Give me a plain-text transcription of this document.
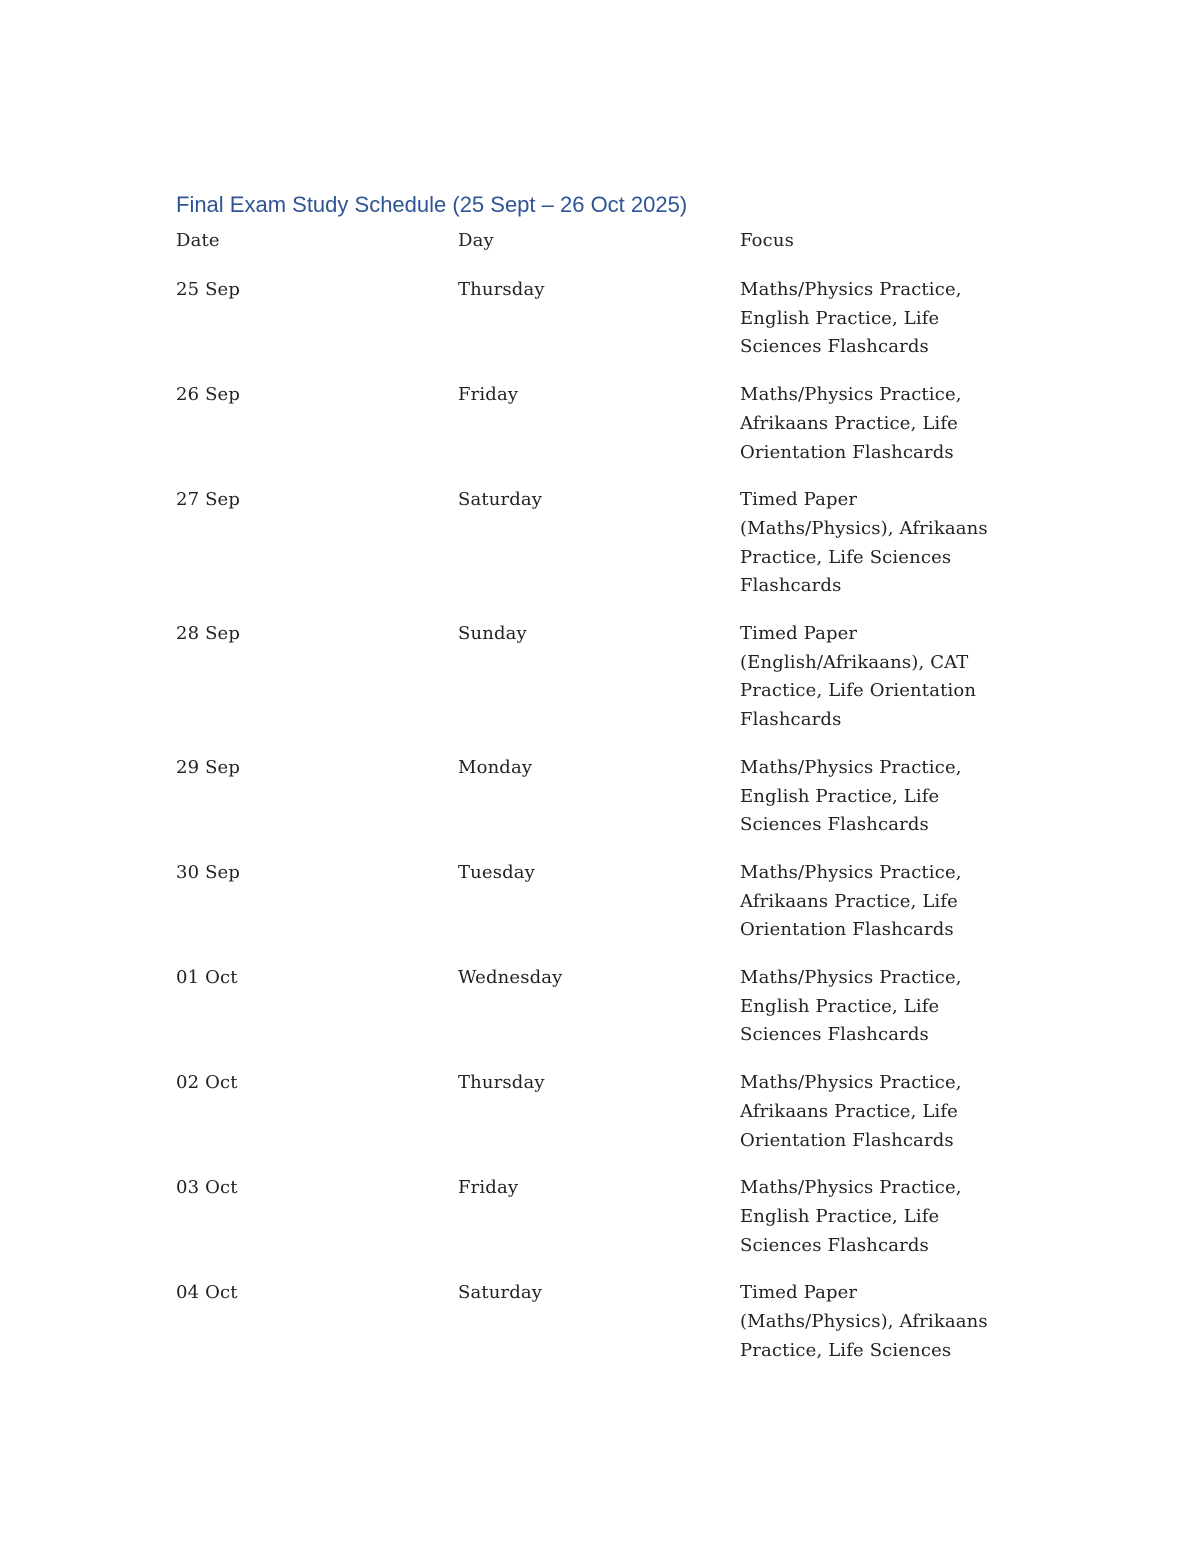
Final Exam Study Schedule (25 Sept – 26 Oct 2025)
Date	Day	Focus
25 Sep	Thursday	Maths/Physics Practice,
English Practice, Life
Sciences Flashcards
26 Sep	Friday	Maths/Physics Practice,
Afrikaans Practice, Life
Orientation Flashcards
27 Sep	Saturday	Timed Paper
(Maths/Physics), Afrikaans
Practice, Life Sciences
Flashcards
28 Sep	Sunday	Timed Paper
(English/Afrikaans), CAT
Practice, Life Orientation
Flashcards
29 Sep	Monday	Maths/Physics Practice,
English Practice, Life
Sciences Flashcards
30 Sep	Tuesday	Maths/Physics Practice,
Afrikaans Practice, Life
Orientation Flashcards
01 Oct	Wednesday	Maths/Physics Practice,
English Practice, Life
Sciences Flashcards
02 Oct	Thursday	Maths/Physics Practice,
Afrikaans Practice, Life
Orientation Flashcards
03 Oct	Friday	Maths/Physics Practice,
English Practice, Life
Sciences Flashcards
04 Oct	Saturday	Timed Paper
(Maths/Physics), Afrikaans
Practice, Life Sciences
